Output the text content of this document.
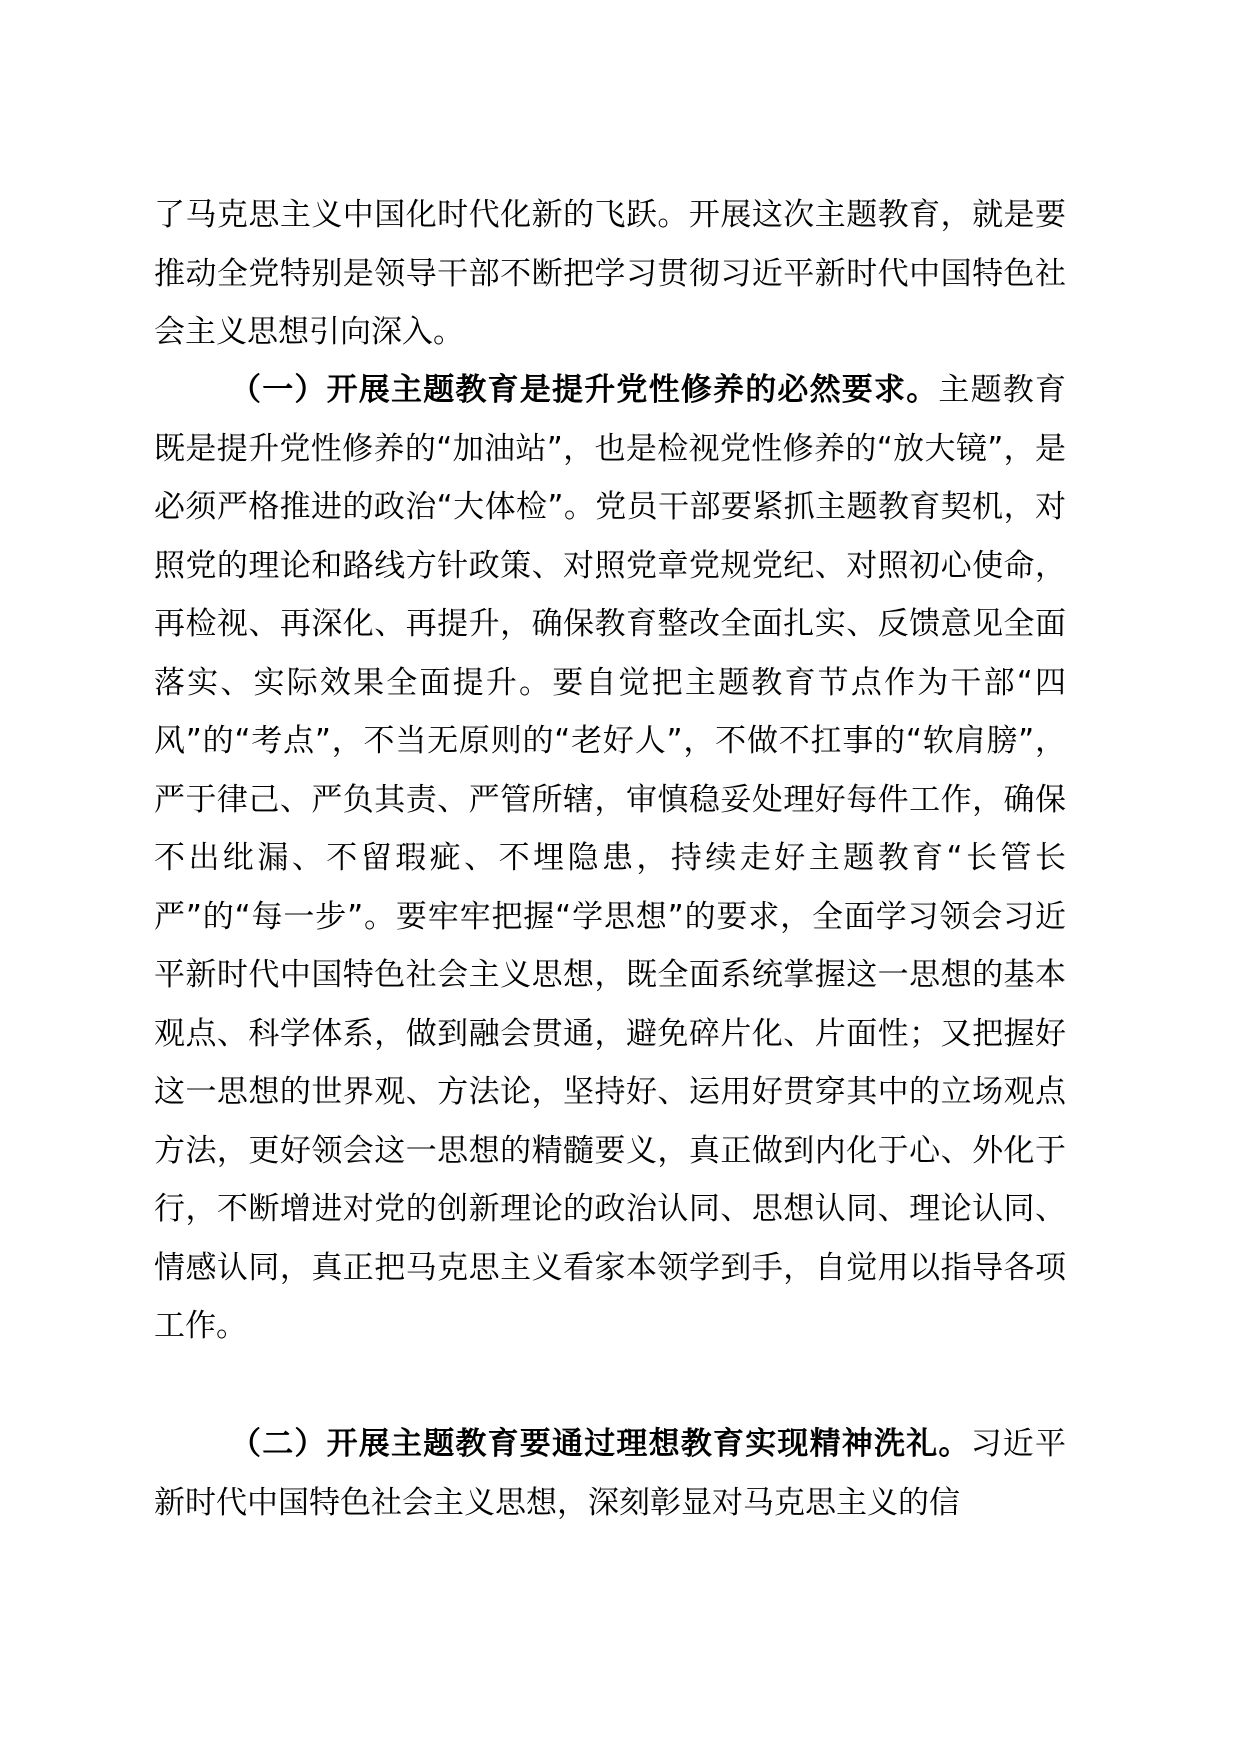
了马克思主义中国化时代化新的飞跃。开展这次主题教育，就是要推动全党特别是领导干部不断把学习贯彻习近平新时代中国特色社会主义思想引向深入。

（一）开展主题教育是提升党性修养的必然要求。主题教育既是提升党性修养的“加油站”，也是检视党性修养的“放大镜”，是必须严格推进的政治“大体检”。党员干部要紧抓主题教育契机，对照党的理论和路线方针政策、对照党章党规党纪、对照初心使命，再检视、再深化、再提升，确保教育整改全面扎实、反馈意见全面落实、实际效果全面提升。要自觉把主题教育节点作为干部“四风”的“考点”，不当无原则的“老好人”，不做不扛事的“软肩膀”，严于律己、严负其责、严管所辖，审慎稳妥处理好每件工作，确保不出纰漏、不留瑕疵、不埋隐患，持续走好主题教育“长管长严”的“每一步”。要牢牢把握“学思想”的要求，全面学习领会习近平新时代中国特色社会主义思想，既全面系统掌握这一思想的基本观点、科学体系，做到融会贯通，避免碎片化、片面性；又把握好这一思想的世界观、方法论，坚持好、运用好贯穿其中的立场观点方法，更好领会这一思想的精髓要义，真正做到内化于心、外化于行，不断增进对党的创新理论的政治认同、思想认同、理论认同、情感认同，真正把马克思主义看家本领学到手，自觉用以指导各项工作。

（二）开展主题教育要通过理想教育实现精神洗礼。习近平新时代中国特色社会主义思想，深刻彰显对马克思主义的信
